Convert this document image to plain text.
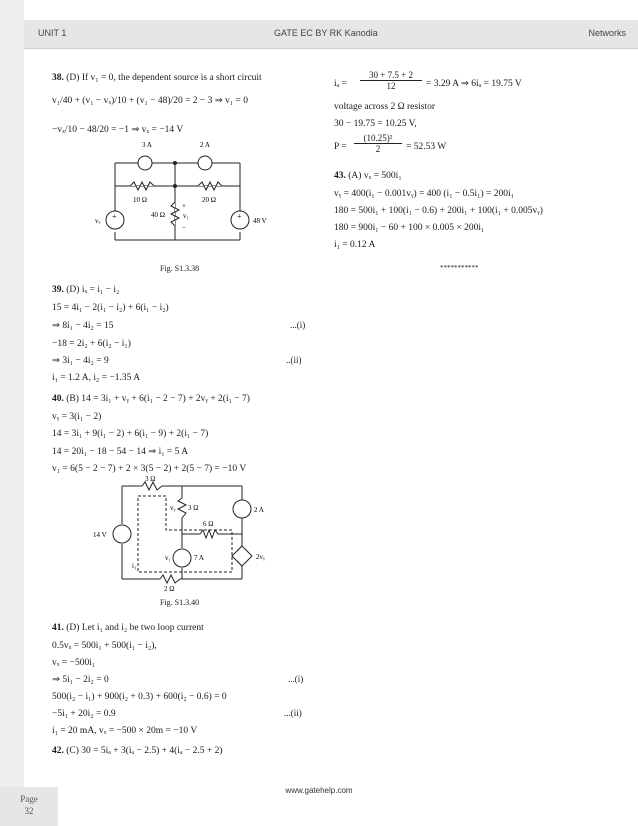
UNIT 1	GATE EC BY RK Kanodia	Networks
38. (D) If v₁ = 0, the dependent source is a short circuit
v₁/40 + (v₁ − vₓ)/10 + (v₁ − 48)/20 = 2 − 3 ⇒ v₁ = 0
−vₓ/10 − 48/20 = −1 ⇒ vₓ = −14 V
3 A	2 A
10 Ω	20 Ω
40 Ω	v₁
vₓ	48 V
+	+
+
−
Fig. S1.3.38
39. (D) iₓ = i₁ − i₂
15 = 4i₁ − 2(i₁ − i₂) + 6(i₁ − i₂)
⇒ 8i₁ − 4i₂ = 15	...(i)
−18 = 2i₂ + 6(i₂ − i₁)
⇒ 3i₁ − 4i₂ = 9	..(ii)
i₁ = 1.2 A, i₂ = −1.35 A
40. (B) 14 = 3i₁ + vᵧ + 6(i₁ − 2 − 7) + 2vᵧ + 2(i₁ − 7)
vᵧ = 3(i₁ − 2)
14 = 3i₁ + 9(i₁ − 2) + 6(i₁ − 9) + 2(i₁ − 7)
14 = 20i₁ − 18 − 54 − 14 ⇒ i₁ = 5 A
v₁ = 6(5 − 2 − 7) + 2 × 3(5 − 2) + 2(5 − 7) = −10 V
3 Ω
3 Ω
6 Ω
2 Ω
2 A
7 A
14 V
2vᵧ
v₁
i₁
vᵧ
Fig. S1.3.40
41. (D) Let i₁ and i₂ be two loop current
0.5vₓ = 500i₁ + 500(i₁ − i₂),
vₓ = −500i₁
⇒ 5i₁ − 2i₂ = 0	...(i)
500(i₂ − i₁) + 900(i₂ + 0.3) + 600(i₂ − 0.6) = 0
−5i₁ + 20i₂ = 0.9	...(ii)
i₁ = 20 mA, vₓ = −500 × 20m = −10 V
42. (C) 30 = 5iₐ + 3(iₐ − 2.5) + 4(iₐ − 2.5 + 2)
$i_a = \frac{30 + 7.5 + 2}{12} = 3.29$ A ⇒ 6iₐ = 19.75 V
voltage across 2 Ω resistor
30 − 19.75 = 10.25 V,
$P = \frac{\text{(10.25)²}}{2} = 52.53$ W
43. (A) vₓ = 500i₁
vᵧ = 400(i₁ − 0.001vᵧ) = 400 (i₁ − 0.5i₁) = 200i₁
180 = 500i₁ + 100(i₁ − 0.6) + 200i₁ + 100(i₁ + 0.005vᵧ)
180 = 900i₁ − 60 + 100 × 0.005 × 200i₁
i₁ = 0.12 A
***********
www.gatehelp.com
Page
32
